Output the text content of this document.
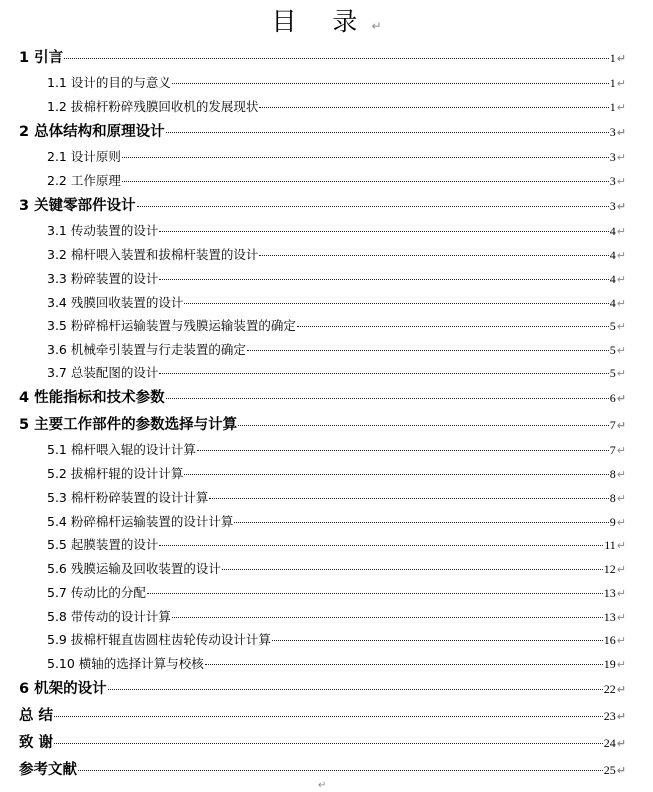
目 录↵
1 引言	1 ↵
1.1 设计的目的与意义	1 ↵
1.2 拔棉杆粉碎残膜回收机的发展现状	1 ↵
2 总体结构和原理设计	3 ↵
2.1 设计原则	3 ↵
2.2 工作原理	3 ↵
3 关键零部件设计	3 ↵
3.1 传动装置的设计	4 ↵
3.2 棉杆喂入装置和拔棉杆装置的设计	4 ↵
3.3 粉碎装置的设计	4 ↵
3.4 残膜回收装置的设计	4 ↵
3.5 粉碎棉杆运输装置与残膜运输装置的确定	5 ↵
3.6 机械牵引装置与行走装置的确定	5 ↵
3.7 总装配图的设计	5 ↵
4 性能指标和技术参数	6 ↵
5 主要工作部件的参数选择与计算	7 ↵
5.1 棉杆喂入辊的设计计算	7 ↵
5.2 拔棉杆辊的设计计算	8 ↵
5.3 棉杆粉碎装置的设计计算	8 ↵
5.4 粉碎棉杆运输装置的设计计算	9 ↵
5.5 起膜装置的设计	11 ↵
5.6 残膜运输及回收装置的设计	12 ↵
5.7 传动比的分配	13 ↵
5.8 带传动的设计计算	13 ↵
5.9 拔棉杆辊直齿圆柱齿轮传动设计计算	16 ↵
5.10 横轴的选择计算与校核	19 ↵
6 机架的设计	22 ↵
总 结	23 ↵
致 谢	24 ↵
参考文献	25 ↵
↵
